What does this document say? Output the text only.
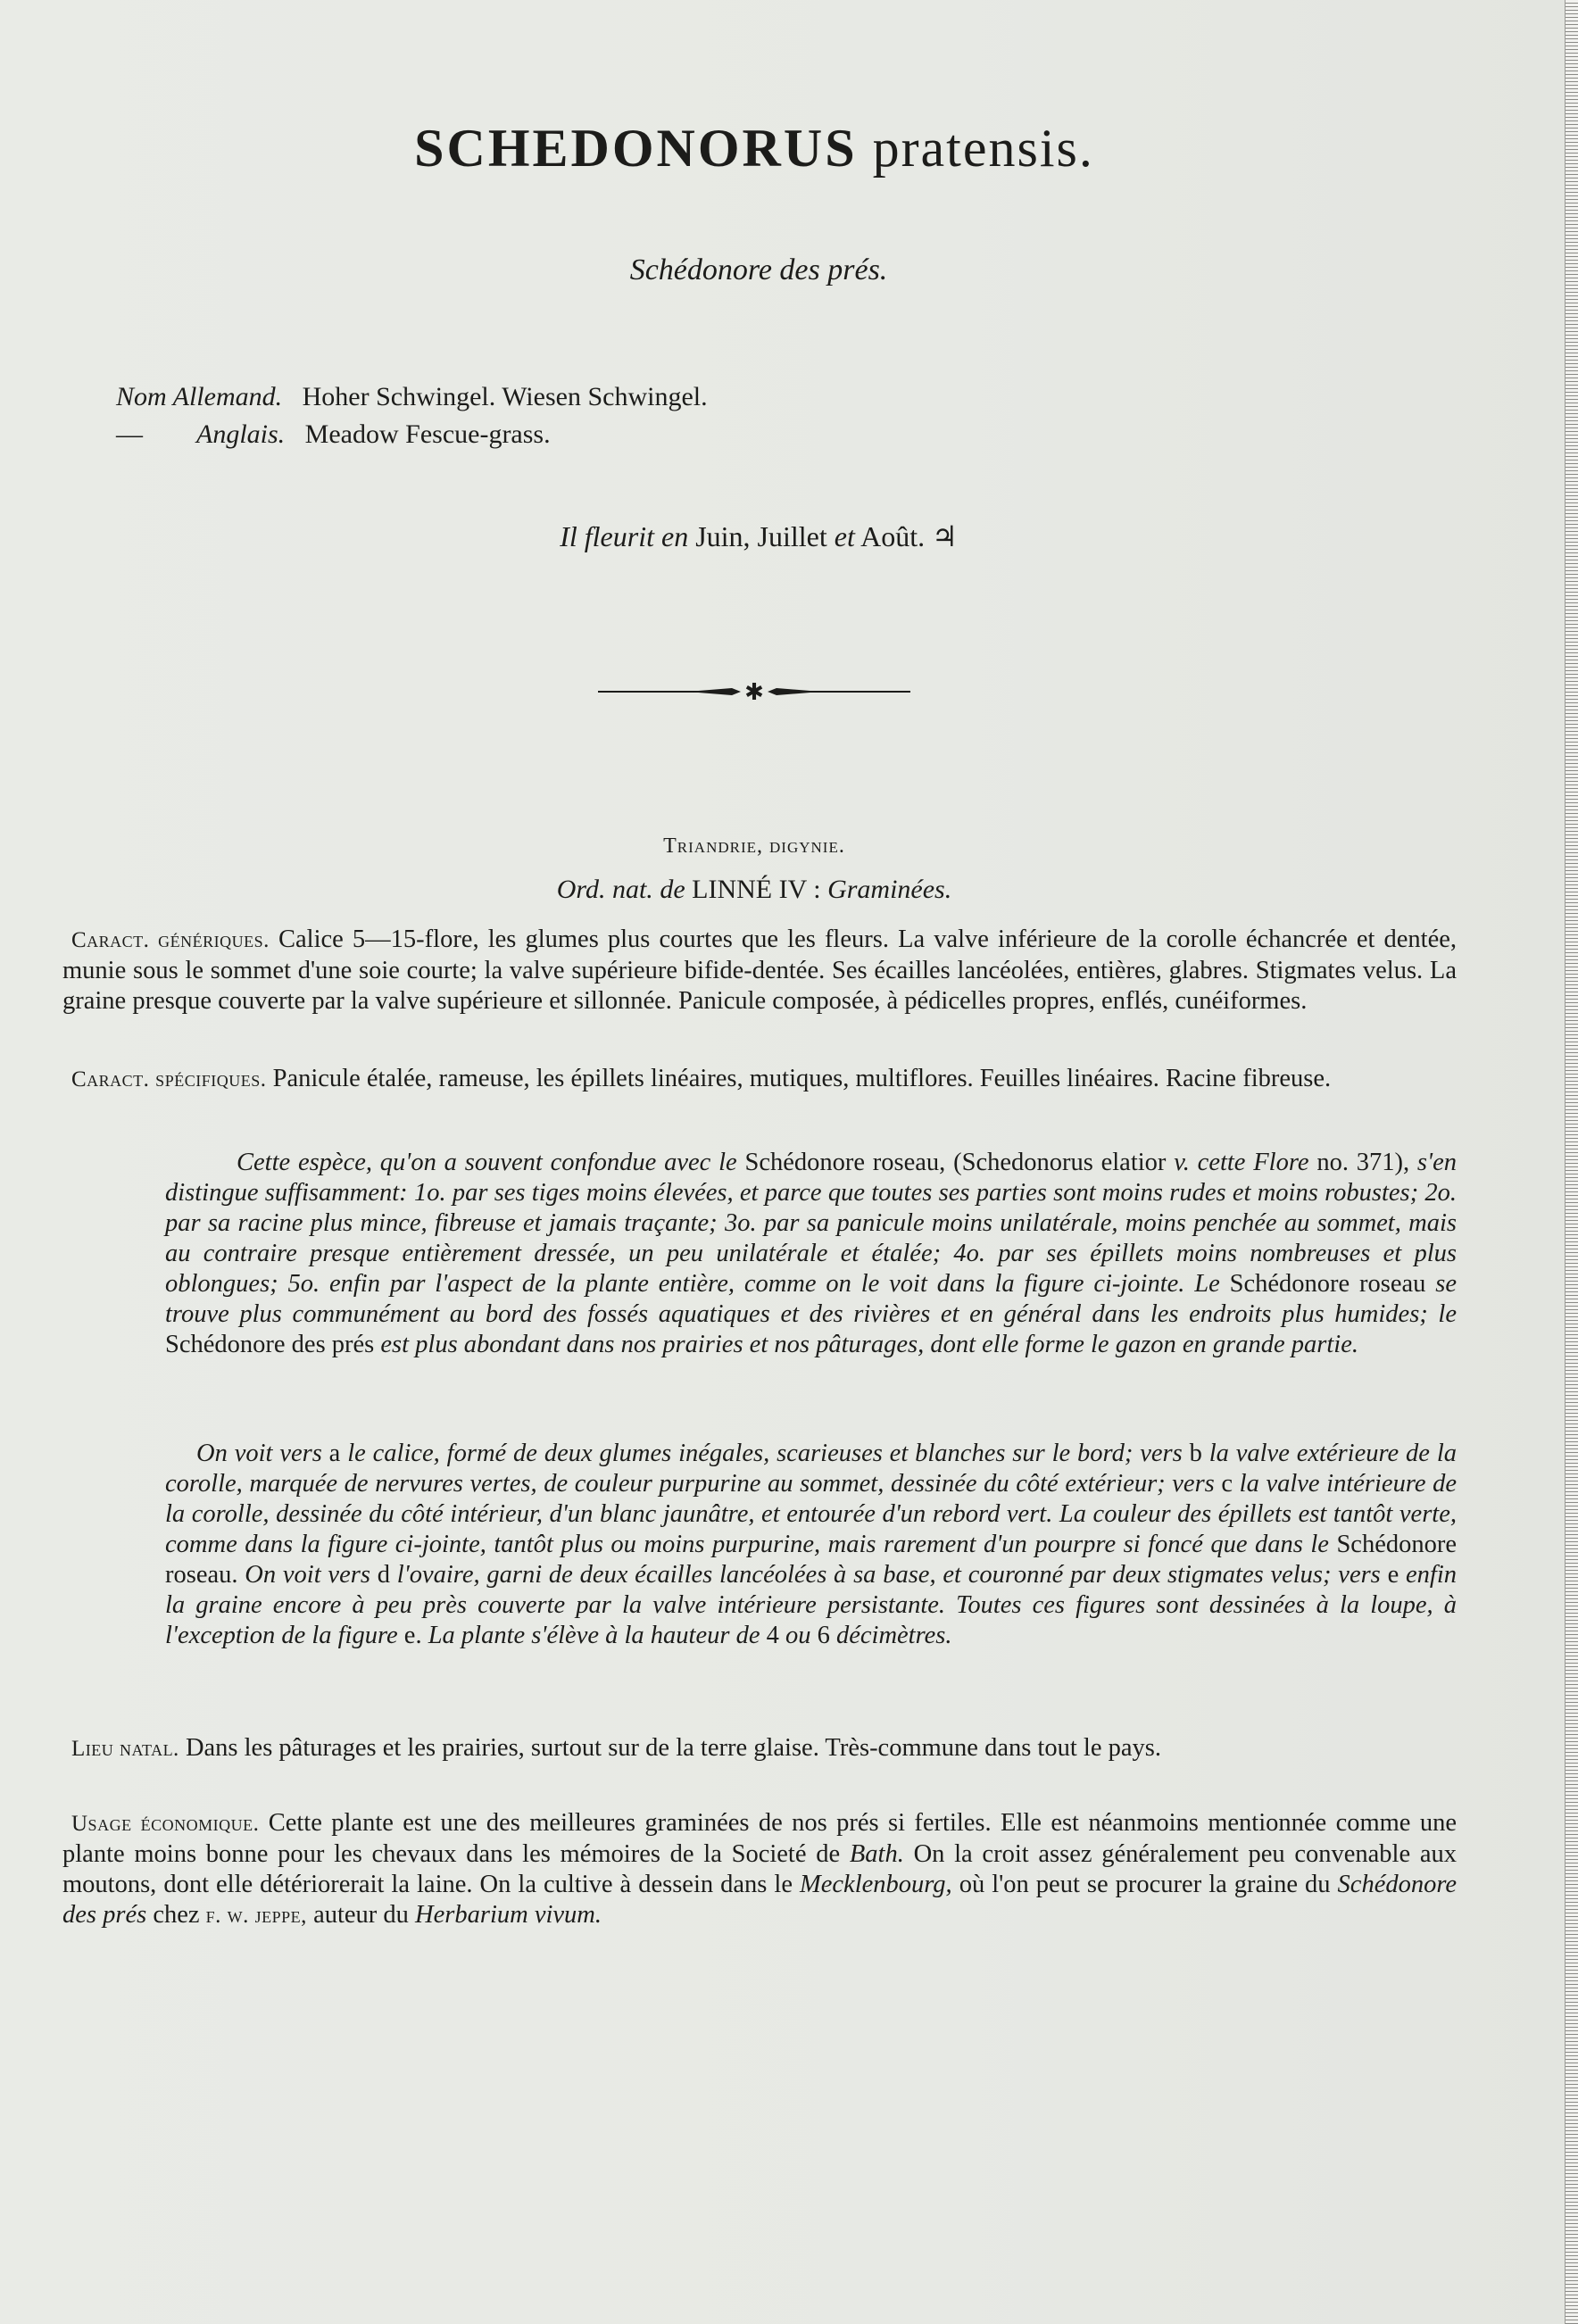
SCHEDONORUS pratensis.
Schédonore des prés.
Nom Allemand. Hoher Schwingel. Wiesen Schwingel.
— Anglais. Meadow Fescue-grass.
Il fleurit en Juin, Juillet et Août. ♃
✱
Triandrie, digynie.
Ord. nat. de LINNÉ IV : Graminées.
Caract. génériques. Calice 5—15-flore, les glumes plus courtes que les fleurs. La valve inférieure de la corolle échancrée et dentée, munie sous le sommet d'une soie courte; la valve supérieure bifide-dentée. Ses écailles lancéolées, entières, glabres. Stigmates velus. La graine presque couverte par la valve supérieure et sillonnée. Panicule composée, à pédicelles propres, enflés, cunéiformes.
Caract. spécifiques. Panicule étalée, rameuse, les épillets linéaires, mutiques, multiflores. Feuilles linéaires. Racine fibreuse.
Cette espèce, qu'on a souvent confondue avec le Schédonore roseau, (Schedonorus elatior v. cette Flore no. 371), s'en distingue suffisamment: 1o. par ses tiges moins élevées, et parce que toutes ses parties sont moins rudes et moins robustes; 2o. par sa racine plus mince, fibreuse et jamais traçante; 3o. par sa panicule moins unilatérale, moins penchée au sommet, mais au contraire presque entièrement dressée, un peu unilatérale et étalée; 4o. par ses épillets moins nombreuses et plus oblongues; 5o. enfin par l'aspect de la plante entière, comme on le voit dans la figure ci-jointe. Le Schédonore roseau se trouve plus communément au bord des fossés aquatiques et des rivières et en général dans les endroits plus humides; le Schédonore des prés est plus abondant dans nos prairies et nos pâturages, dont elle forme le gazon en grande partie.
On voit vers a le calice, formé de deux glumes inégales, scarieuses et blanches sur le bord; vers b la valve extérieure de la corolle, marquée de nervures vertes, de couleur purpurine au sommet, dessinée du côté extérieur; vers c la valve intérieure de la corolle, dessinée du côté intérieur, d'un blanc jaunâtre, et entourée d'un rebord vert. La couleur des épillets est tantôt verte, comme dans la figure ci-jointe, tantôt plus ou moins purpurine, mais rarement d'un pourpre si foncé que dans le Schédonore roseau. On voit vers d l'ovaire, garni de deux écailles lancéolées à sa base, et couronné par deux stigmates velus; vers e enfin la graine encore à peu près couverte par la valve intérieure persistante. Toutes ces figures sont dessinées à la loupe, à l'exception de la figure e. La plante s'élève à la hauteur de 4 ou 6 décimètres.
Lieu natal. Dans les pâturages et les prairies, surtout sur de la terre glaise. Très-commune dans tout le pays.
Usage économique. Cette plante est une des meilleures graminées de nos prés si fertiles. Elle est néanmoins mentionnée comme une plante moins bonne pour les chevaux dans les mémoires de la Societé de Bath. On la croit assez généralement peu convenable aux moutons, dont elle détériorerait la laine. On la cultive à dessein dans le Mecklenbourg, où l'on peut se procurer la graine du Schédonore des prés chez f. w. jeppe, auteur du Herbarium vivum.
